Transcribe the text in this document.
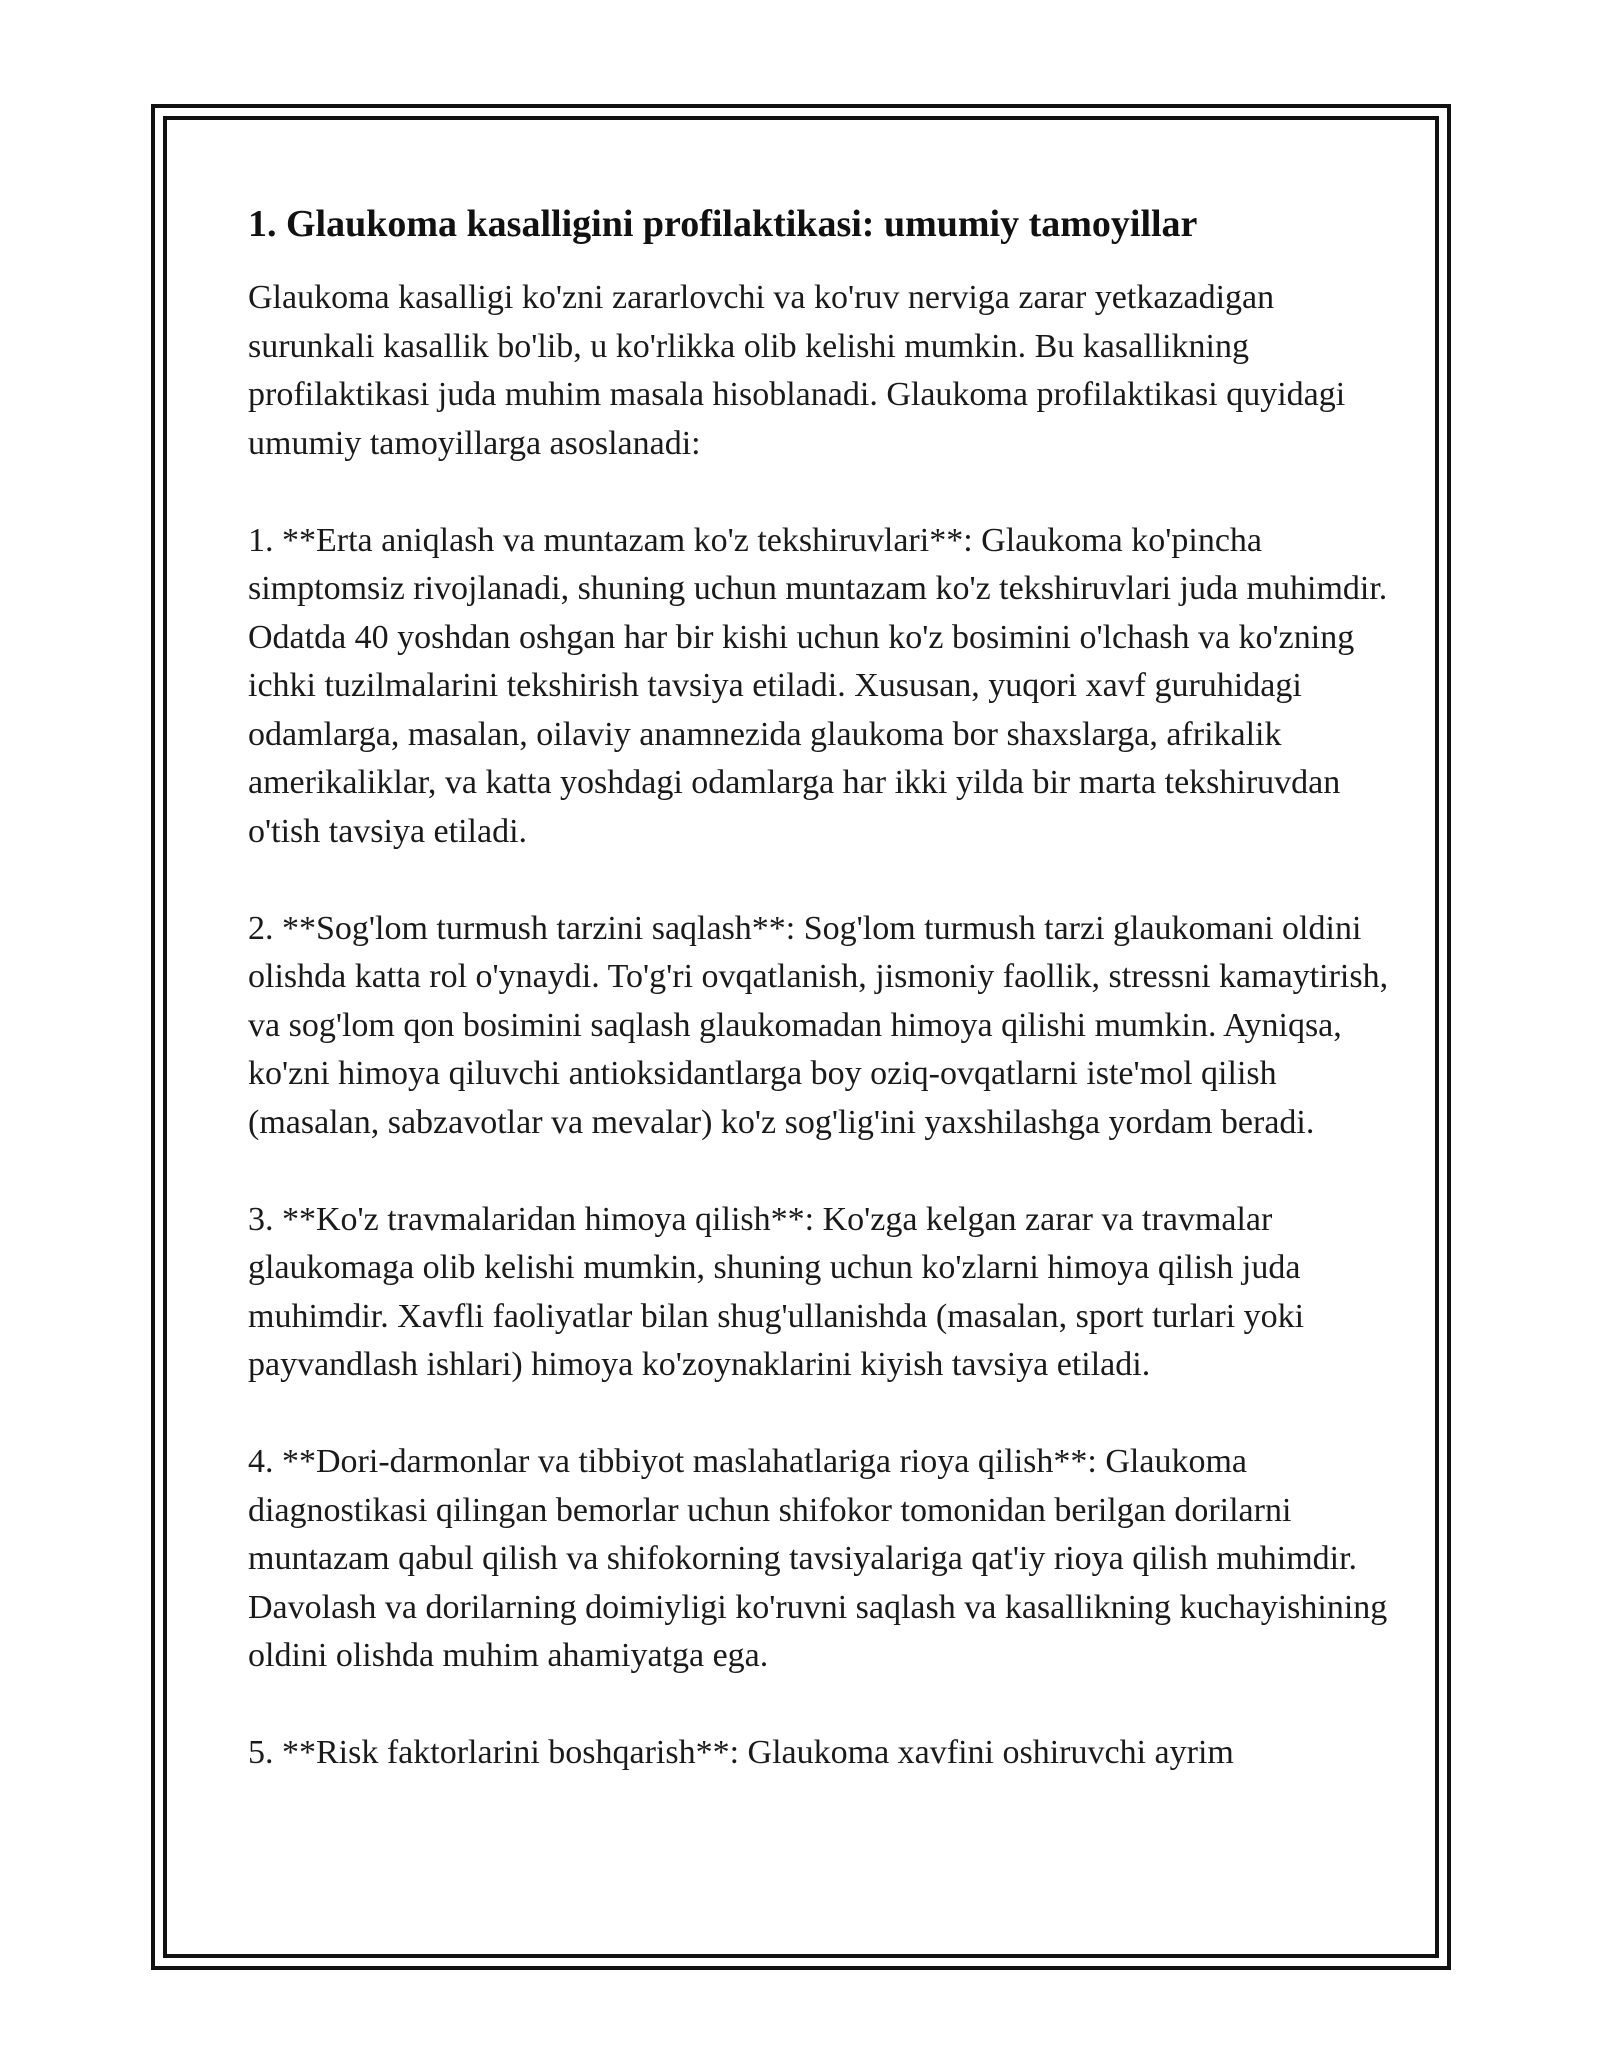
1. Glaukoma kasalligini profilaktikasi: umumiy tamoyillar

Glaukoma kasalligi ko'zni zararlovchi va ko'ruv nerviga zarar yetkazadigan surunkali kasallik bo'lib, u ko'rlikka olib kelishi mumkin. Bu kasallikning profilaktikasi juda muhim masala hisoblanadi. Glaukoma profilaktikasi quyidagi umumiy tamoyillarga asoslanadi:

1. **Erta aniqlash va muntazam ko'z tekshiruvlari**: Glaukoma ko'pincha simptomsiz rivojlanadi, shuning uchun muntazam ko'z tekshiruvlari juda muhimdir. Odatda 40 yoshdan oshgan har bir kishi uchun ko'z bosimini o'lchash va ko'zning ichki tuzilmalarini tekshirish tavsiya etiladi. Xususan, yuqori xavf guruhidagi odamlarga, masalan, oilaviy anamnezida glaukoma bor shaxslarga, afrikalik amerikaliklar, va katta yoshdagi odamlarga har ikki yilda bir marta tekshiruvdan o'tish tavsiya etiladi.

2. **Sog'lom turmush tarzini saqlash**: Sog'lom turmush tarzi glaukomani oldini olishda katta rol o'ynaydi. To'g'ri ovqatlanish, jismoniy faollik, stressni kamaytirish, va sog'lom qon bosimini saqlash glaukomadan himoya qilishi mumkin. Ayniqsa, ko'zni himoya qiluvchi antioksidantlarga boy oziq-ovqatlarni iste'mol qilish (masalan, sabzavotlar va mevalar) ko'z sog'lig'ini yaxshilashga yordam beradi.

3. **Ko'z travmalaridan himoya qilish**: Ko'zga kelgan zarar va travmalar glaukomaga olib kelishi mumkin, shuning uchun ko'zlarni himoya qilish juda muhimdir. Xavfli faoliyatlar bilan shug'ullanishda (masalan, sport turlari yoki payvandlash ishlari) himoya ko'zoynaklarini kiyish tavsiya etiladi.

4. **Dori-darmonlar va tibbiyot maslahatlariga rioya qilish**: Glaukoma diagnostikasi qilingan bemorlar uchun shifokor tomonidan berilgan dorilarni muntazam qabul qilish va shifokorning tavsiyalariga qat'iy rioya qilish muhimdir. Davolash va dorilarning doimiyligi ko'ruvni saqlash va kasallikning kuchayishining oldini olishda muhim ahamiyatga ega.

5. **Risk faktorlarini boshqarish**: Glaukoma xavfini oshiruvchi ayrim
